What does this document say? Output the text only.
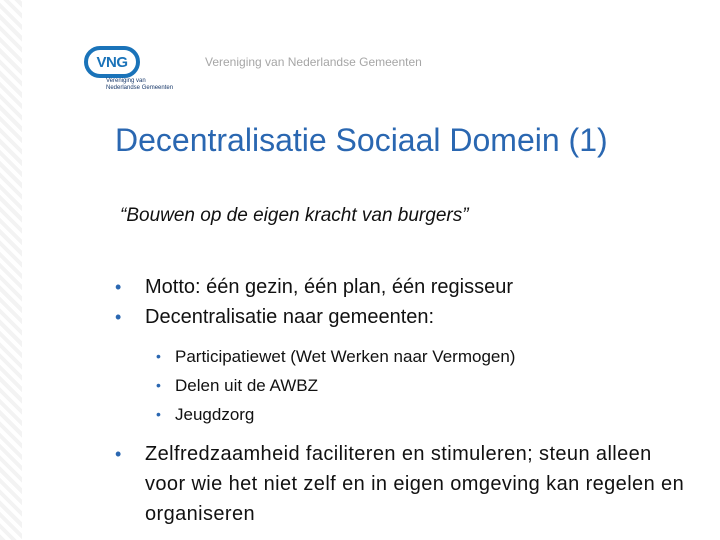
VNG
Vereniging van
Nederlandse Gemeenten
Vereniging van Nederlandse Gemeenten
Decentralisatie Sociaal Domein (1)
“Bouwen op de eigen kracht van burgers”
• Motto: één gezin, één plan, één regisseur
• Decentralisatie naar gemeenten:
• Participatiewet (Wet Werken naar Vermogen)
• Delen uit de AWBZ
• Jeugdzorg
• Zelfredzaamheid faciliteren en stimuleren; steun alleen voor wie het niet zelf en in eigen omgeving kan regelen en organiseren
